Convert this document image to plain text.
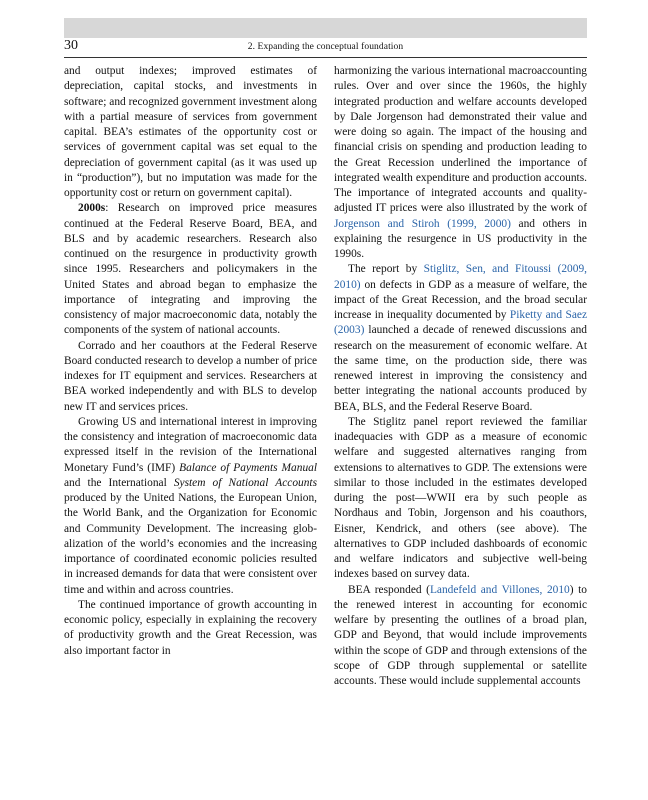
30	2. Expanding the conceptual foundation

and output indexes; improved estimates of depreciation, capital stocks, and investments in software; and recognized government investment along with a partial measure of services from government capital. BEA’s estimates of the opportunity cost or services of government capital was set equal to the depreciation of government capital (as it was used up in “production”), but no imputation was made for the opportunity cost or return on government capital).

2000s: Research on improved price measures continued at the Federal Reserve Board, BEA, and BLS and by academic researchers. Research also continued on the resurgence in productivity growth since 1995. Researchers and policymakers in the United States and abroad began to emphasize the importance of integrating and improving the consistency of major macroeconomic data, notably the components of the system of national accounts.

Corrado and her coauthors at the Federal Reserve Board conducted research to develop a number of price indexes for IT equipment and services. Researchers at BEA worked independently and with BLS to develop new IT and services prices.

Growing US and international interest in improving the consistency and integration of macroeconomic data expressed itself in the revision of the International Monetary Fund’s (IMF) Balance of Payments Manual and the International System of National Accounts produced by the United Nations, the European Union, the World Bank, and the Organization for Economic and Community Development. The increasing globalization of the world’s economies and the increasing importance of coordinated economic policies resulted in increased demands for data that were consistent over time and within and across countries.

The continued importance of growth accounting in economic policy, especially in explaining the recovery of productivity growth and the Great Recession, was also important factor in

harmonizing the various international macroaccounting rules. Over and over since the 1960s, the highly integrated production and welfare accounts developed by Dale Jorgenson had demonstrated their value and were doing so again. The impact of the housing and financial crisis on spending and production leading to the Great Recession underlined the importance of integrated wealth expenditure and production accounts. The importance of integrated accounts and quality-adjusted IT prices were also illustrated by the work of Jorgenson and Stiroh (1999, 2000) and others in explaining the resurgence in US productivity in the 1990s.

The report by Stiglitz, Sen, and Fitoussi (2009, 2010) on defects in GDP as a measure of welfare, the impact of the Great Recession, and the broad secular increase in inequality documented by Piketty and Saez (2003) launched a decade of renewed discussions and research on the measurement of economic welfare. At the same time, on the production side, there was renewed interest in improving the consistency and better integrating the national accounts produced by BEA, BLS, and the Federal Reserve Board.

The Stiglitz panel report reviewed the familiar inadequacies with GDP as a measure of economic welfare and suggested alternatives ranging from extensions to alternatives to GDP. The extensions were similar to those included in the estimates developed during the post—WWII era by such people as Nordhaus and Tobin, Jorgenson and his coauthors, Eisner, Kendrick, and others (see above). The alternatives to GDP included dashboards of economic and welfare indicators and subjective well-being indexes based on survey data.

BEA responded (Landefeld and Villones, 2010) to the renewed interest in accounting for economic welfare by presenting the outlines of a broad plan, GDP and Beyond, that would include improvements within the scope of GDP and through extensions of the scope of GDP through supplemental or satellite accounts. These would include supplemental accounts
